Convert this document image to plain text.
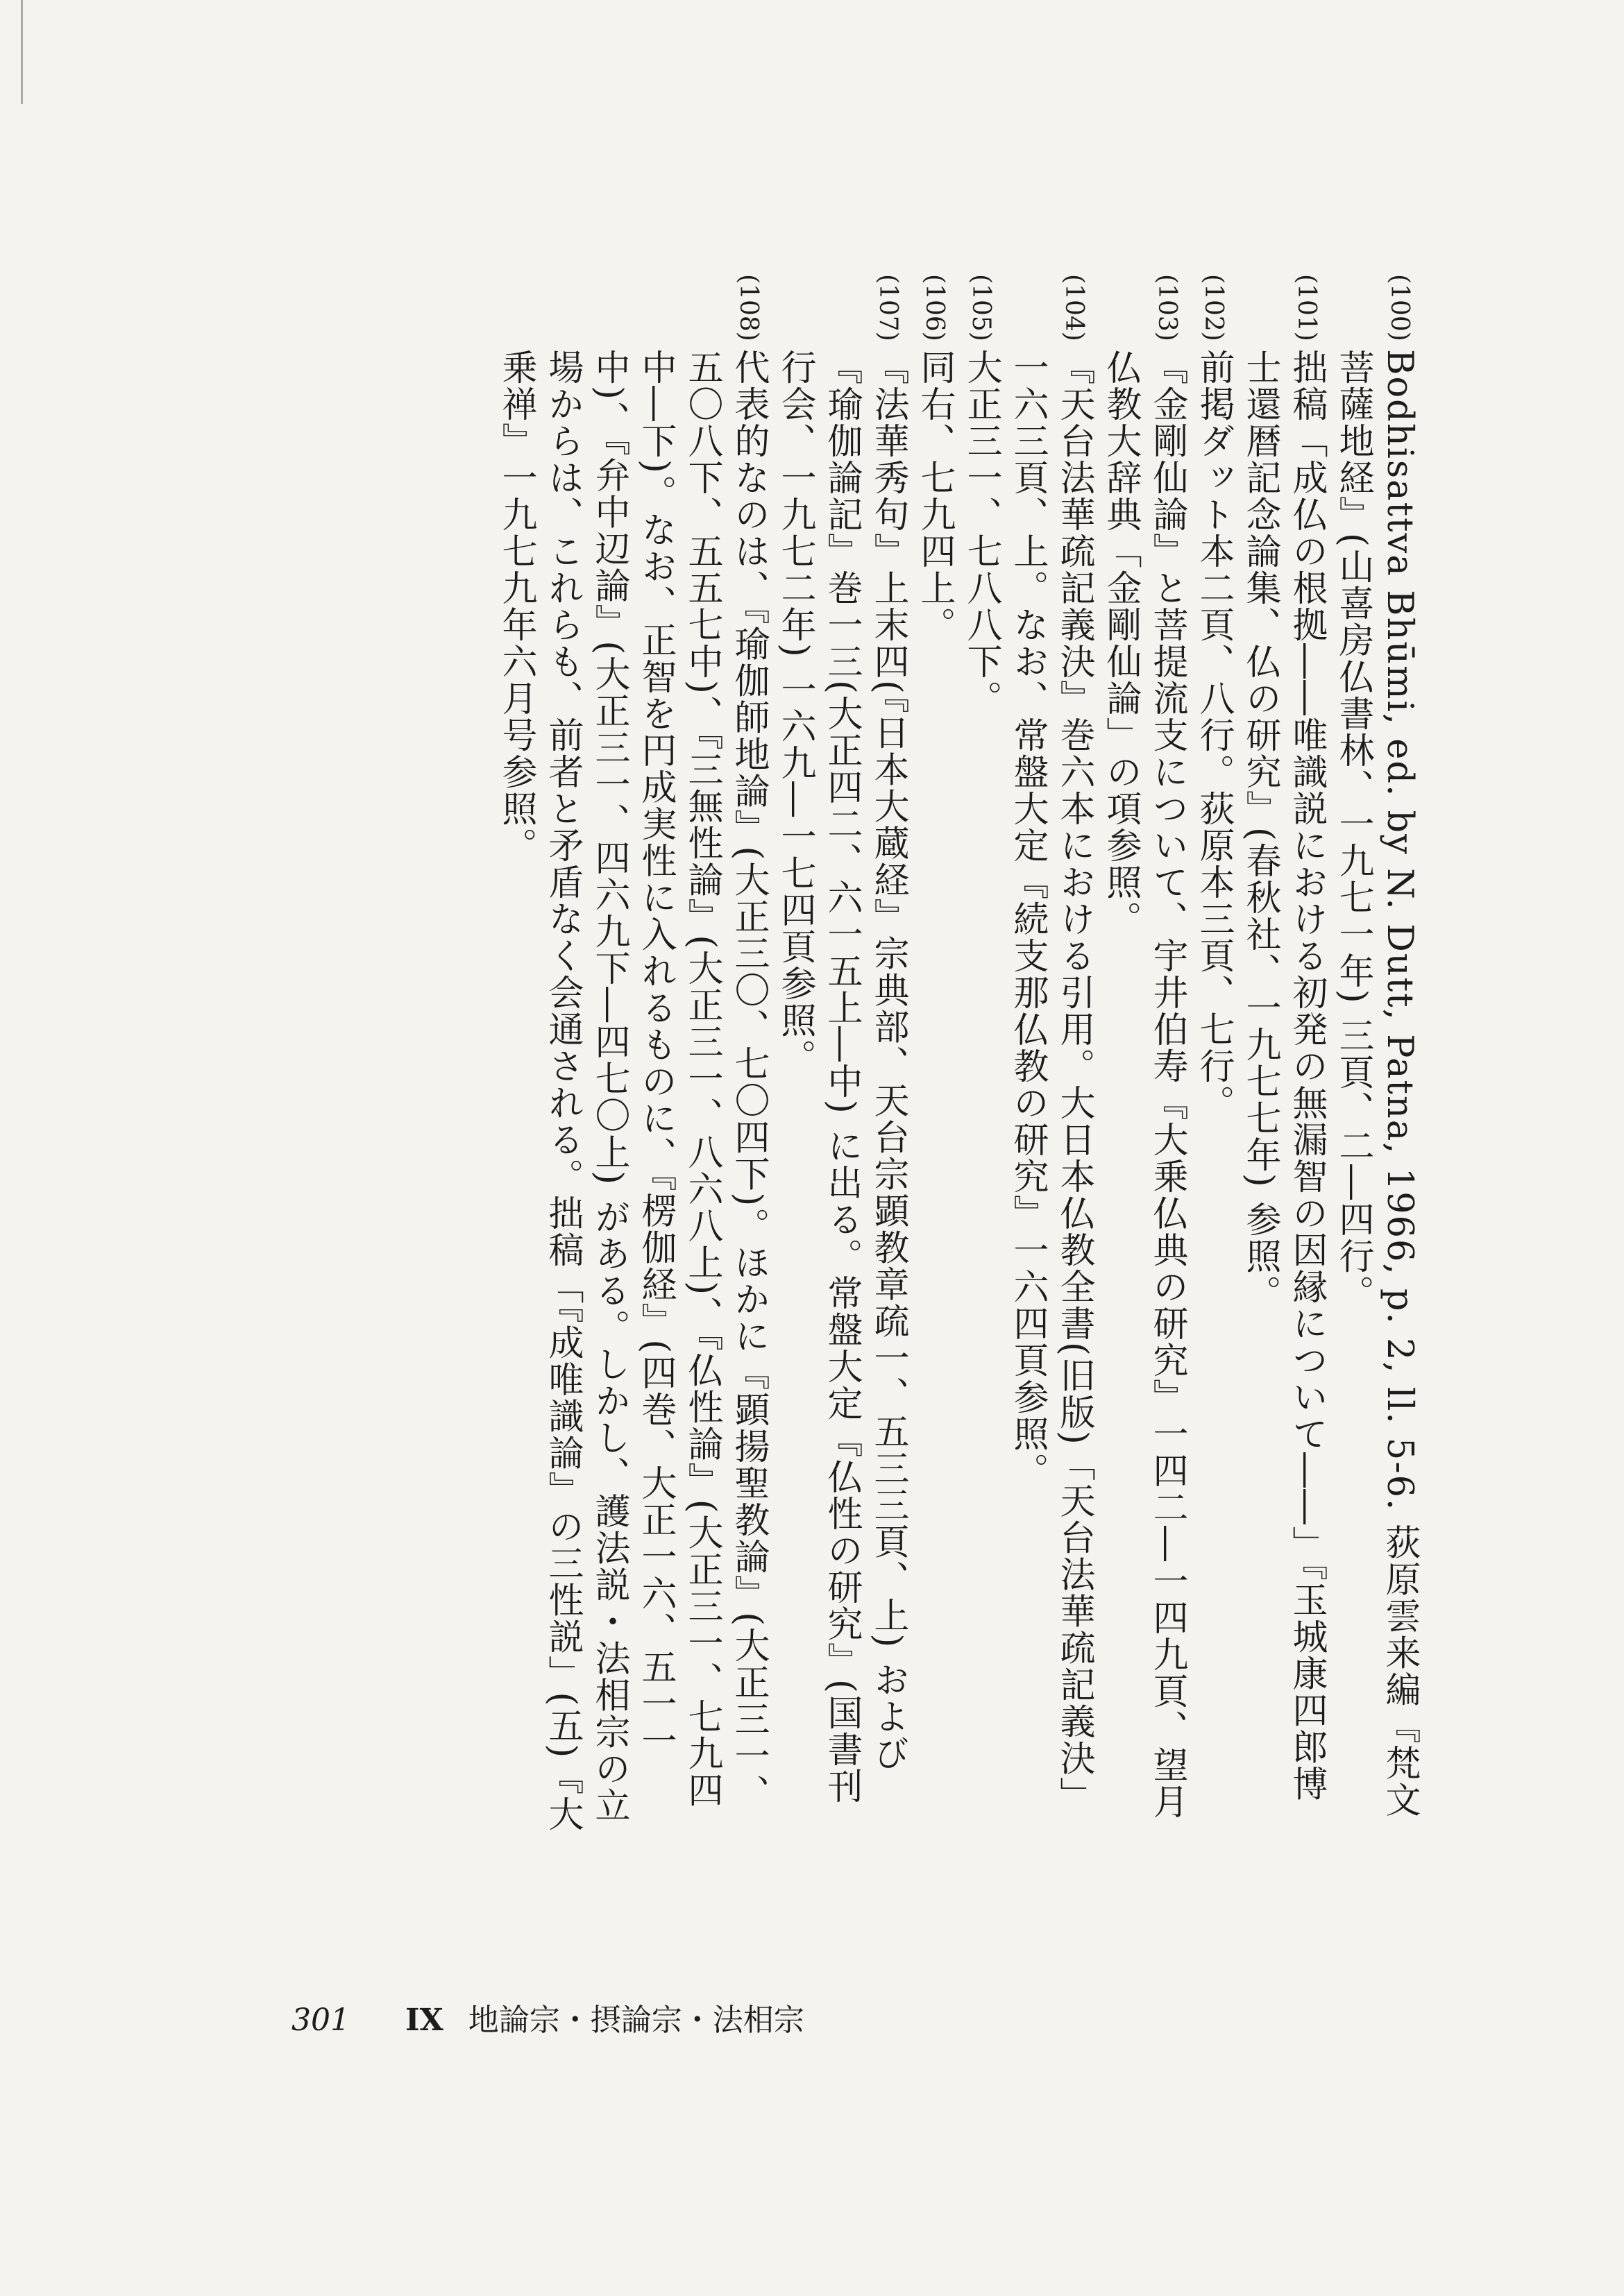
(100)
Bodhisattva Bhūmi, ed. by N. Dutt, Patna, 1966, p. 2, ll. 5-6. 荻原雲来編『梵文菩薩地経』(山喜房仏書林、一九七一年) 三頁、二―四行。
(101)
拙稿「成仏の根拠――唯識説における初発の無漏智の因縁について――」『玉城康四郎博士還暦記念論集、仏の研究』(春秋社、一九七七年) 参照。
(102)
前掲ダット本二頁、八行。荻原本三頁、七行。
(103)
『金剛仙論』と菩提流支について、宇井伯寿『大乗仏典の研究』一四二―一四九頁、望月仏教大辞典「金剛仙論」の項参照。
(104)
『天台法華疏記義決』巻六本における引用。大日本仏教全書(旧版)「天台法華疏記義決」一六三頁、上。なお、常盤大定『続支那仏教の研究』一六四頁参照。
(105)
大正三一、七八八下。
(106)
同右、七九四上。
(107)
『法華秀句』上末四(『日本大蔵経』宗典部、天台宗顕教章疏一、五三三頁、上) および『瑜伽論記』巻一三(大正四二、六一五上―中) に出る。常盤大定『仏性の研究』(国書刊行会、一九七二年) 一六九―一七四頁参照。
(108)
代表的なのは、『瑜伽師地論』(大正三〇、七〇四下)。ほかに『顕揚聖教論』(大正三一、五〇八下、五五七中)、『三無性論』(大正三一、八六八上)、『仏性論』(大正三一、七九四中―下)。なお、正智を円成実性に入れるものに、『楞伽経』(四巻、大正一六、五一一中)、『弁中辺論』(大正三一、四六九下―四七〇上) がある。しかし、護法説・法相宗の立場からは、これらも、前者と矛盾なく会通される。拙稿「『成唯識論』の三性説」(五)『大乗禅』一九七九年六月号参照。
301 IX 地論宗・摂論宗・法相宗
